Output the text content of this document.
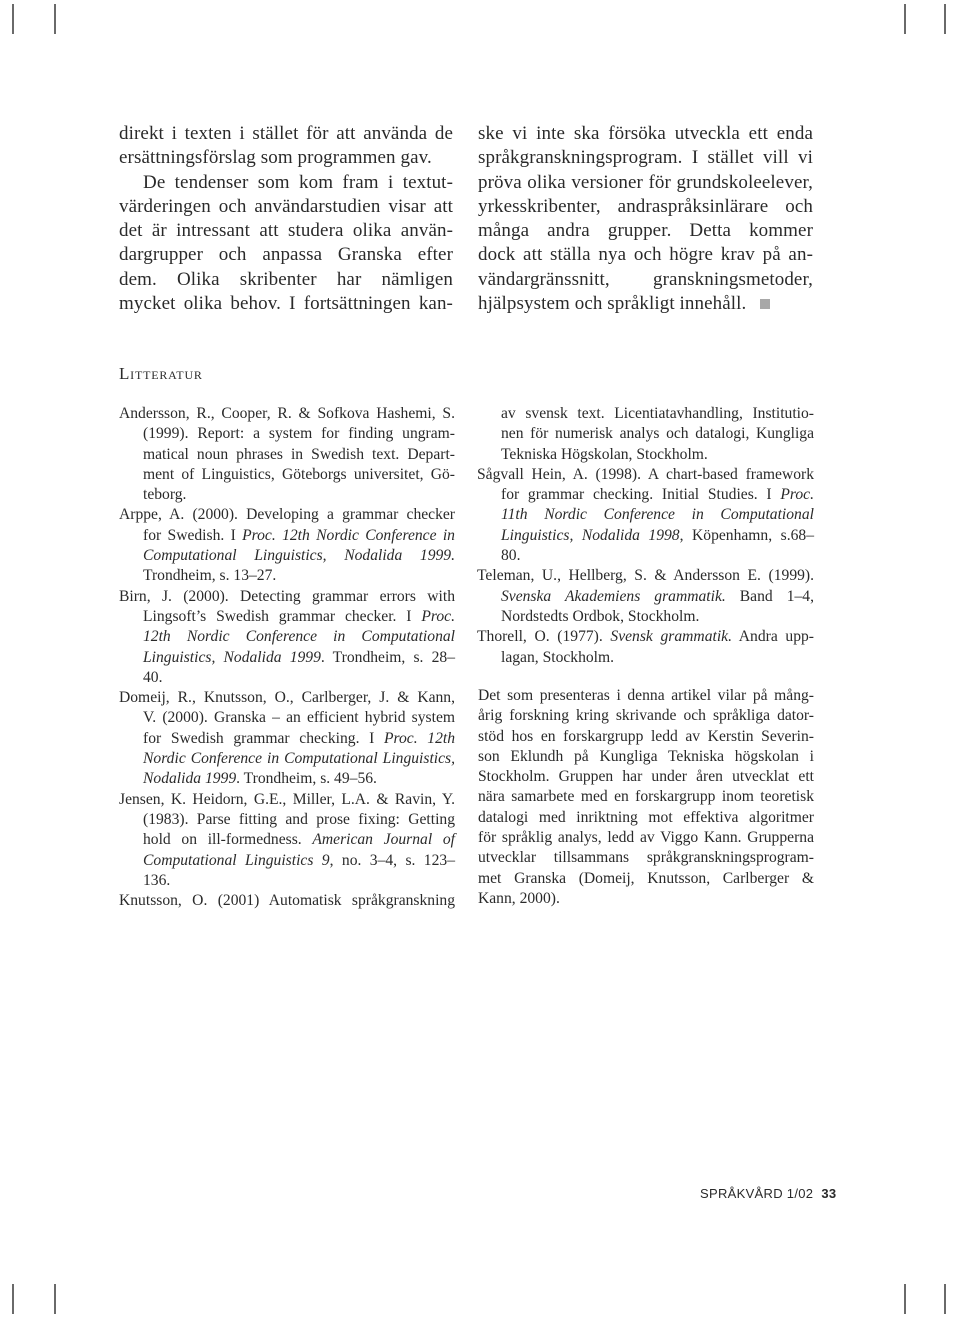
direkt i texten i stället för att använda de
ersättningsförslag som programmen gav.
De tendenser som kom fram i textut-
värderingen och användarstudien visar att
det är intressant att studera olika använ-
dargrupper och anpassa Granska efter
dem. Olika skribenter har nämligen
mycket olika behov. I fortsättningen kan-
ske vi inte ska försöka utveckla ett enda
språkgranskningsprogram. I stället vill vi
pröva olika versioner för grundskoleelever,
yrkesskribenter, andraspråksinlärare och
många andra grupper. Detta kommer
dock att ställa nya och högre krav på an-
vändargränssnitt, granskningsmetoder,
hjälpsystem och språkligt innehåll.
Litteratur
Andersson, R., Cooper, R. & Sofkova Hashemi, S.
(1999). Report: a system for finding ungram-
matical noun phrases in Swedish text. Depart-
ment of Linguistics, Göteborgs universitet, Gö-
teborg.
Arppe, A. (2000). Developing a grammar checker
for Swedish. I Proc. 12th Nordic Conference in
Computational Linguistics, Nodalida 1999.
Trondheim, s. 13–27.
Birn, J. (2000). Detecting grammar errors with
Lingsoft’s Swedish grammar checker. I Proc.
12th Nordic Conference in Computational
Linguistics, Nodalida 1999. Trondheim, s. 28–
40.
Domeij, R., Knutsson, O., Carlberger, J. & Kann,
V. (2000). Granska – an efficient hybrid system
for Swedish grammar checking. I Proc. 12th
Nordic Conference in Computational Linguistics,
Nodalida 1999. Trondheim, s. 49–56.
Jensen, K. Heidorn, G.E., Miller, L.A. & Ravin, Y.
(1983). Parse fitting and prose fixing: Getting
hold on ill-formedness. American Journal of
Computational Linguistics 9, no. 3–4, s. 123–
136.
Knutsson, O. (2001) Automatisk språkgranskning
av svensk text. Licentiatavhandling, Institutio-
nen för numerisk analys och datalogi, Kungliga
Tekniska Högskolan, Stockholm.
Sågvall Hein, A. (1998). A chart-based framework
for grammar checking. Initial Studies. I Proc.
11th Nordic Conference in Computational
Linguistics, Nodalida 1998, Köpenhamn, s.68–
80.
Teleman, U., Hellberg, S. & Andersson E. (1999).
Svenska Akademiens grammatik. Band 1–4,
Nordstedts Ordbok, Stockholm.
Thorell, O. (1977). Svensk grammatik. Andra upp-
lagan, Stockholm.
Det som presenteras i denna artikel vilar på mång-
årig forskning kring skrivande och språkliga dator-
stöd hos en forskargrupp ledd av Kerstin Severin-
son Eklundh på Kungliga Tekniska högskolan i
Stockholm. Gruppen har under åren utvecklat ett
nära samarbete med en forskargrupp inom teoretisk
datalogi med inriktning mot effektiva algoritmer
för språklig analys, ledd av Viggo Kann. Grupperna
utvecklar tillsammans språkgranskningsprogram-
met Granska (Domeij, Knutsson, Carlberger &
Kann, 2000).
SPRÅKVÅRD 1/02 33
